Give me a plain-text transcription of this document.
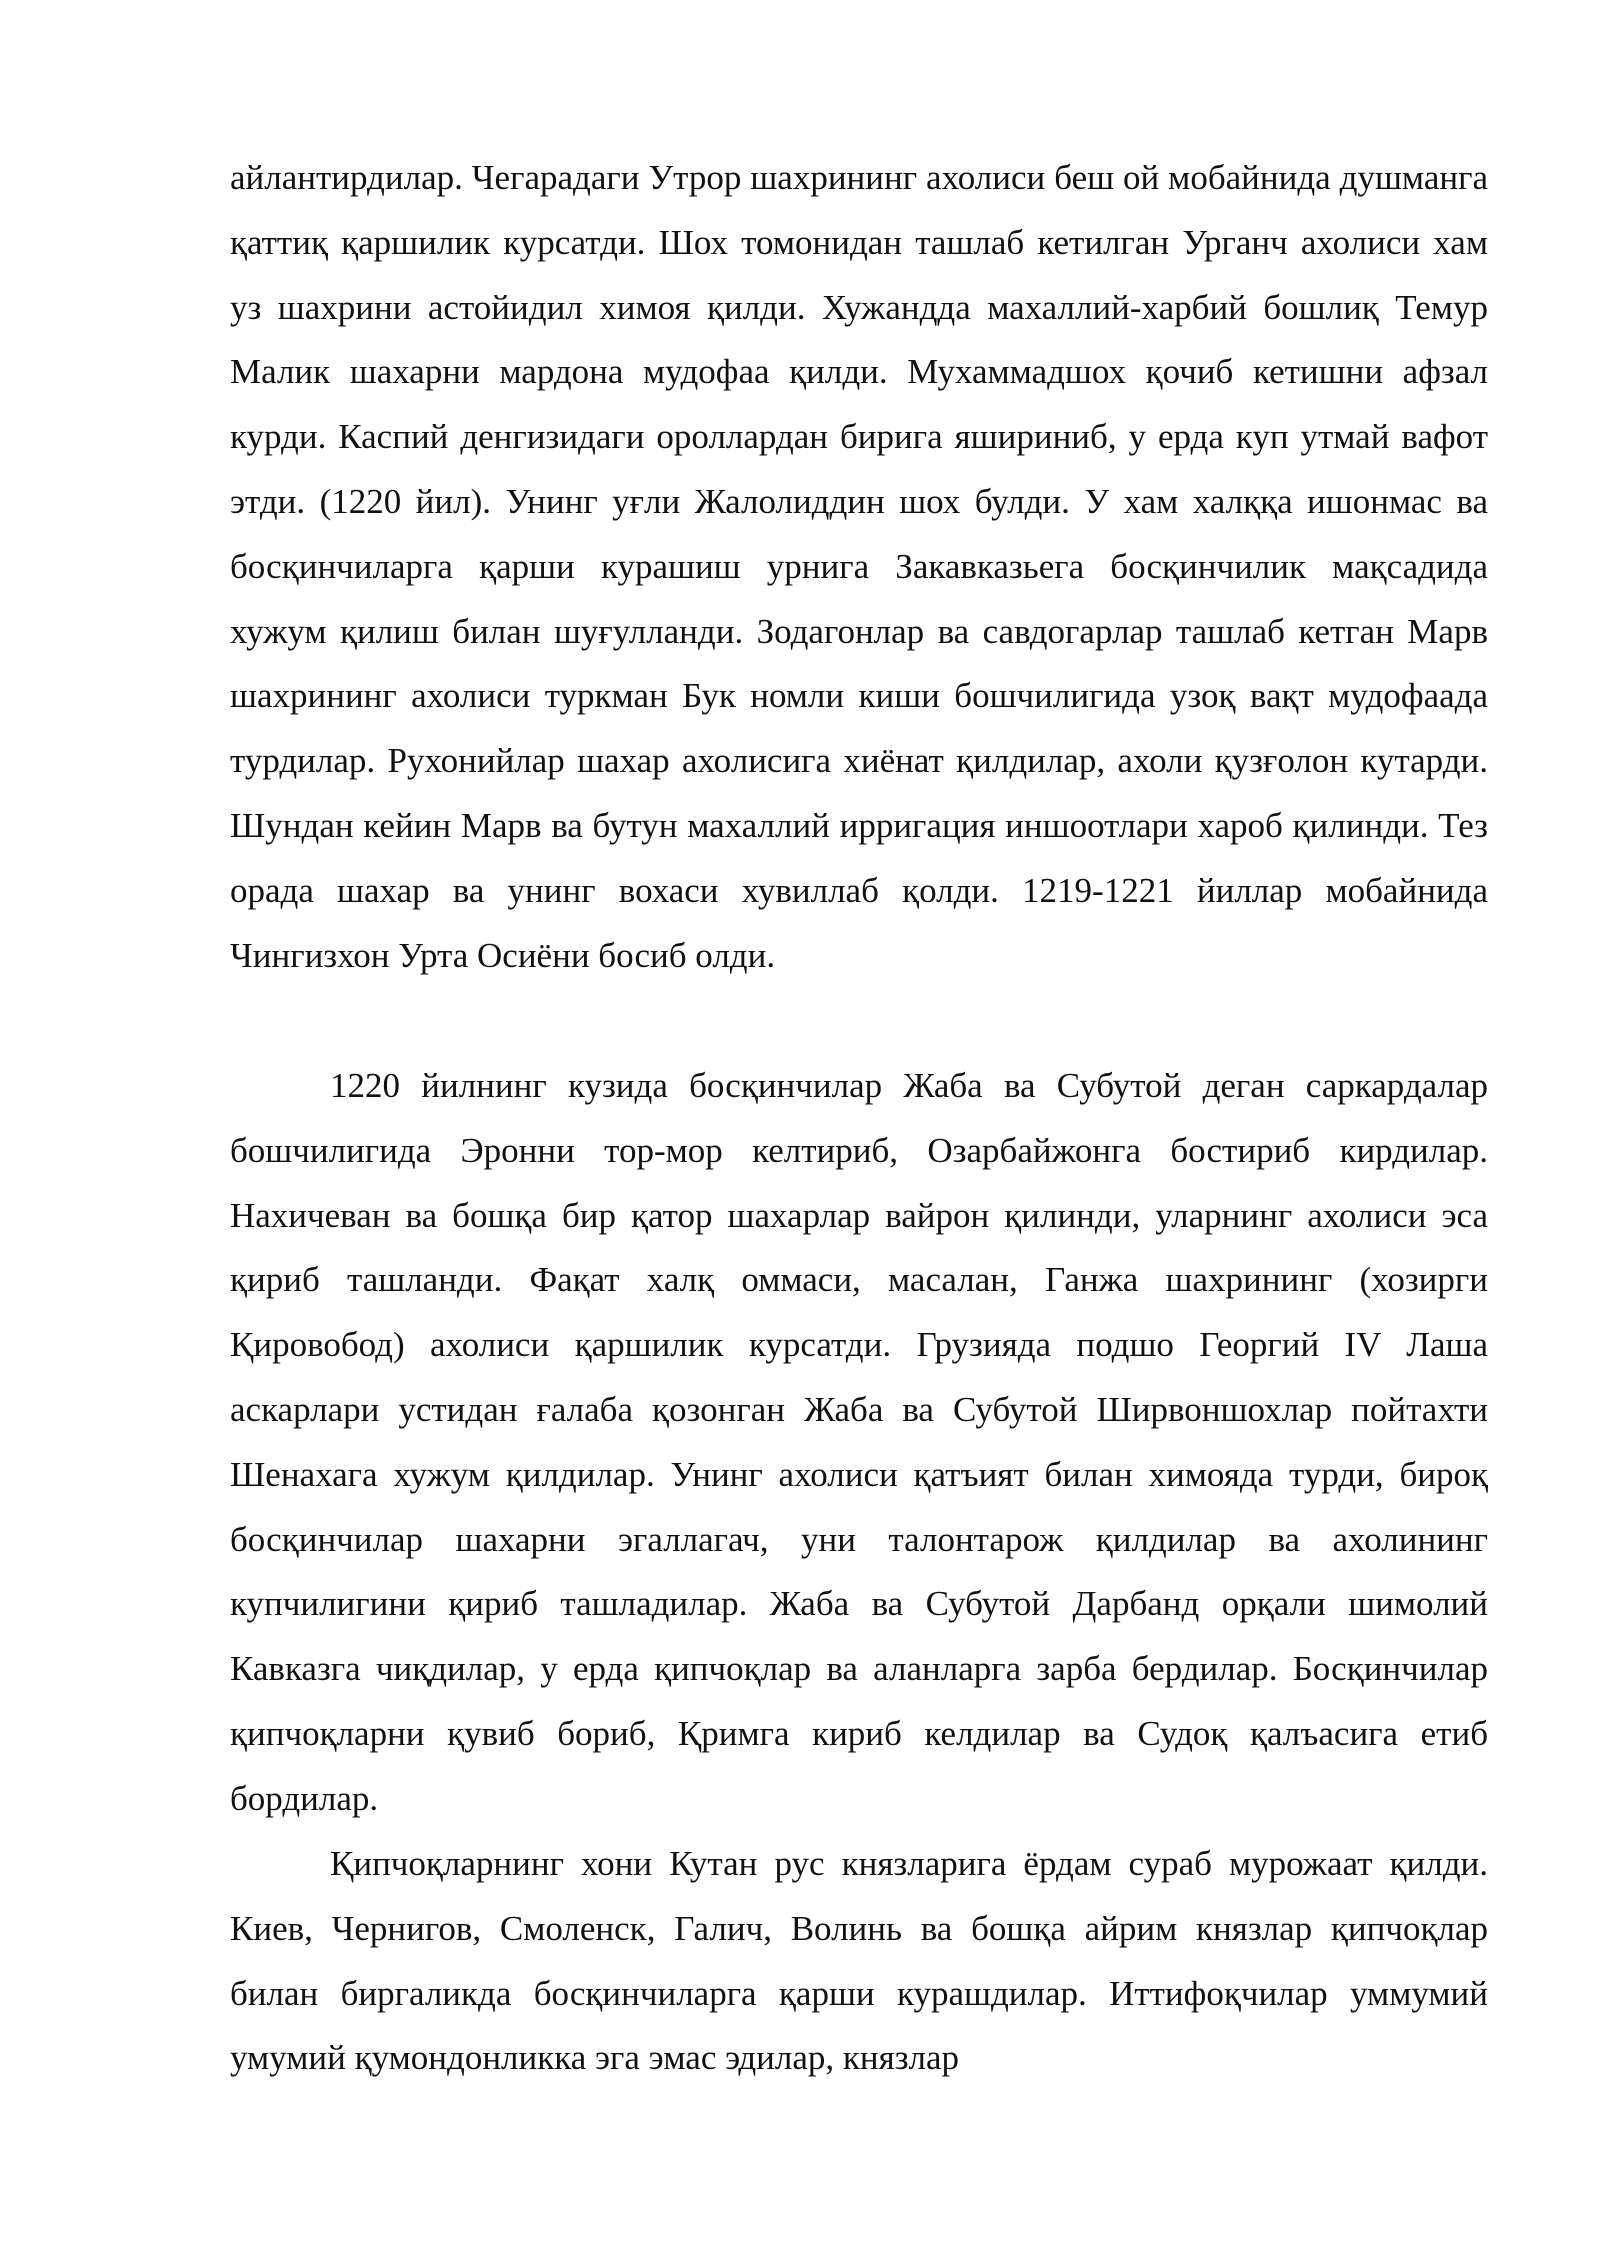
айлантирдилар. Чегарадаги Утрор шахрининг ахолиси беш ой мобайнида душманга қаттиқ қаршилик курсатди. Шох томонидан ташлаб кетилган Урганч ахолиси хам уз шахрини астойидил химоя қилди. Хужандда махаллий-харбий бошлиқ Темур Малик шахарни мардона мудофаа қилди. Мухаммадшох қочиб кетишни афзал курди. Каспий денгизидаги ороллардан бирига яшириниб, у ерда куп утмай вафот этди. (1220 йил). Унинг уғли Жалолиддин шох булди. У хам халққа ишонмас ва босқинчиларга қарши курашиш урнига Закавказьега босқинчилик мақсадида хужум қилиш билан шуғулланди. Зодагонлар ва савдогарлар ташлаб кетган Марв шахрининг ахолиси туркман Бук номли киши бошчилигида узоқ вақт мудофаада турдилар. Рухонийлар шахар ахолисига хиёнат қилдилар, ахоли қузғолон кутарди. Шундан кейин Марв ва бутун махаллий ирригация иншоотлари хароб қилинди. Тез орада шахар ва унинг вохаси хувиллаб қолди. 1219-1221 йиллар мобайнида Чингизхон Урта Осиёни босиб олди.

1220 йилнинг кузида босқинчилар Жаба ва Субутой деган саркардалар бошчилигида Эронни тор-мор келтириб, Озарбайжонга бостириб кирдилар. Нахичеван ва бошқа бир қатор шахарлар вайрон қилинди, уларнинг ахолиси эса қириб ташланди. Фақат халқ оммаси, масалан, Ганжа шахрининг (хозирги Қировобод) ахолиси қаршилик курсатди. Грузияда подшо Георгий IV Лаша аскарлари устидан ғалаба қозонган Жаба ва Субутой Ширвоншохлар пойтахти Шенахага хужум қилдилар. Унинг ахолиси қатъият билан химояда турди, бироқ босқинчилар шахарни эгаллагач, уни талонтарож қилдилар ва ахолининг купчилигини қириб ташладилар. Жаба ва Субутой Дарбанд орқали шимолий Кавказга чиқдилар, у ерда қипчоқлар ва аланларга зарба бердилар. Босқинчилар қипчоқларни қувиб бориб, Қримга кириб келдилар ва Судоқ қалъасига етиб бордилар.

Қипчоқларнинг хони Кутан рус князларига ёрдам сураб мурожаат қилди. Киев, Чернигов, Смоленск, Галич, Волинь ва бошқа айрим князлар қипчоқлар билан биргаликда босқинчиларга қарши курашдилар. Иттифоқчилар уммумий умумий қумондонликка эга эмас эдилар, князлар
